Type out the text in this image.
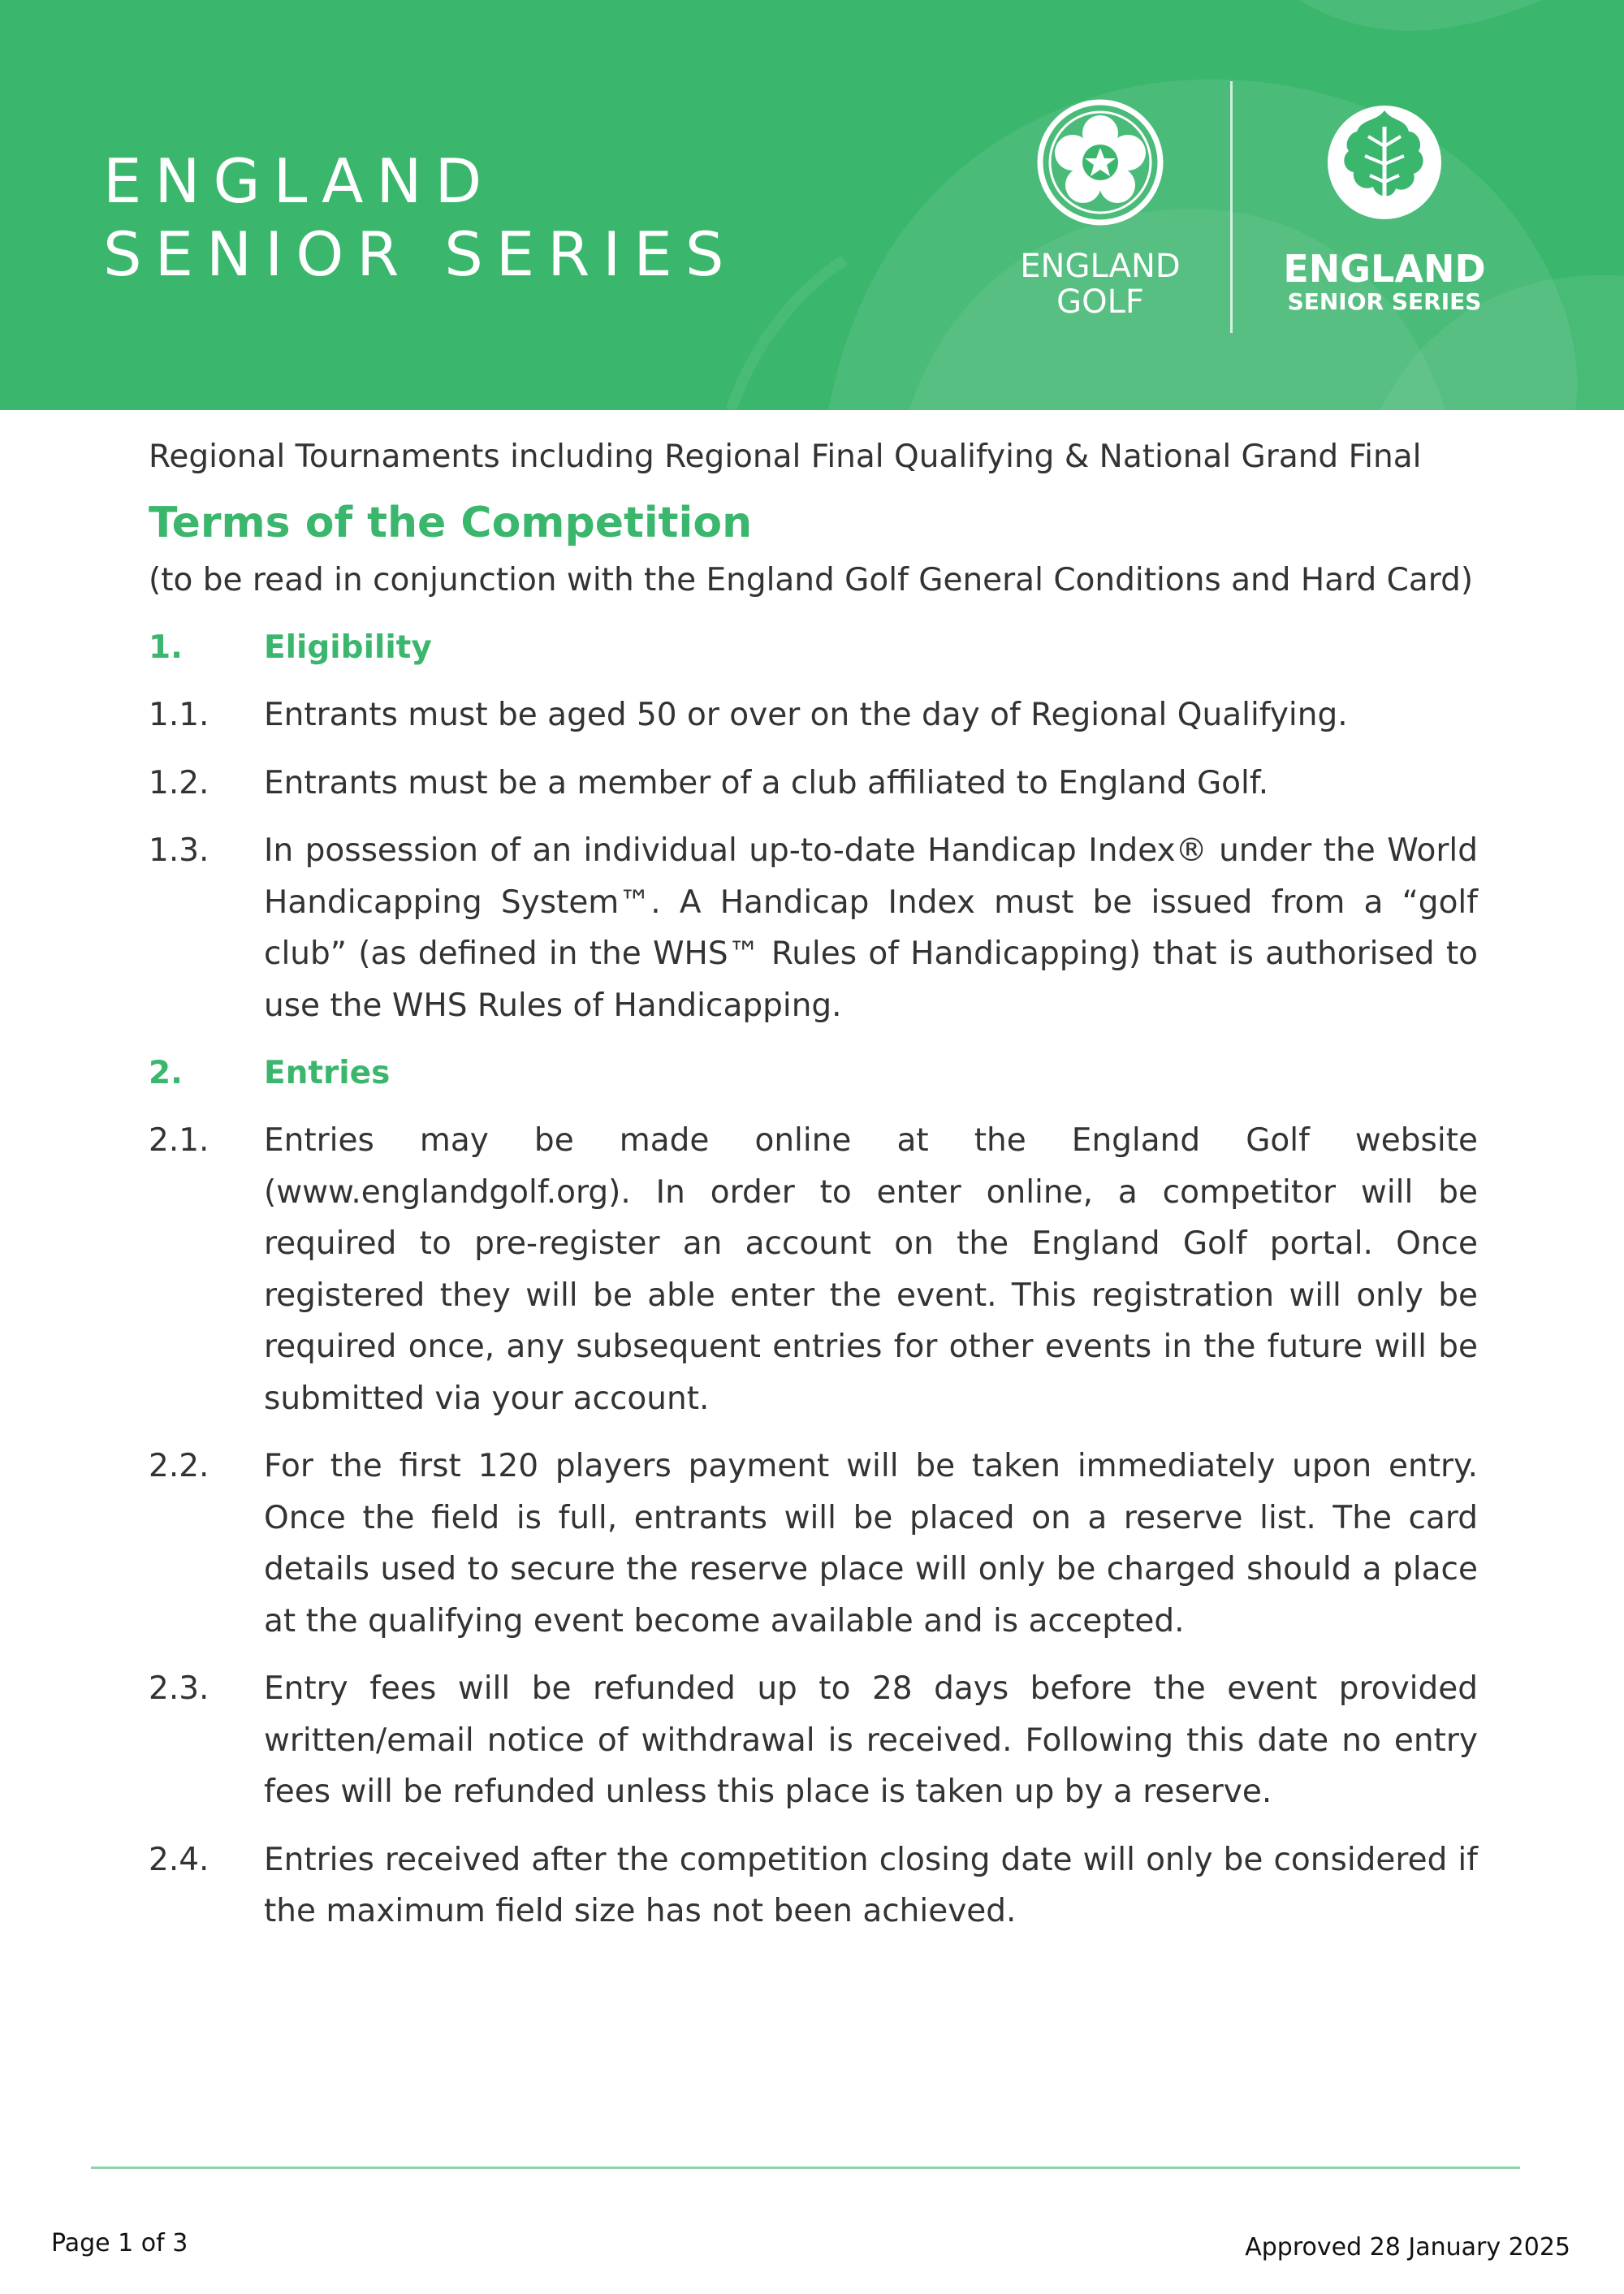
ENGLAND
SENIOR SERIES	ENGLAND
GOLF
ENGLAND
SENIOR SERIES

Regional Tournaments including Regional Final Qualifying & National Grand Final

Terms of the Competition

(to be read in conjunction with the England Golf General Conditions and Hard Card)

1.	Eligibility
1.1.	Entrants must be aged 50 or over on the day of Regional Qualifying.
1.2.	Entrants must be a member of a club affiliated to England Golf.
1.3.	In possession of an individual up-to-date Handicap Index® under the World Handicapping System™. A Handicap Index must be issued from a “golf club” (as defined in the WHS™ Rules of Handicapping) that is authorised to use the WHS Rules of Handicapping.
2.	Entries
2.1.	Entries may be made online at the England Golf website (www.englandgolf.org). In order to enter online, a competitor will be required to pre-register an account on the England Golf portal. Once registered they will be able enter the event. This registration will only be required once, any subsequent entries for other events in the future will be submitted via your account.
2.2.	For the first 120 players payment will be taken immediately upon entry. Once the field is full, entrants will be placed on a reserve list. The card details used to secure the reserve place will only be charged should a place at the qualifying event become available and is accepted.
2.3.	Entry fees will be refunded up to 28 days before the event provided written/email notice of withdrawal is received. Following this date no entry fees will be refunded unless this place is taken up by a reserve.
2.4.	Entries received after the competition closing date will only be considered if the maximum field size has not been achieved.
Page 1 of 3	Approved 28 January 2025
